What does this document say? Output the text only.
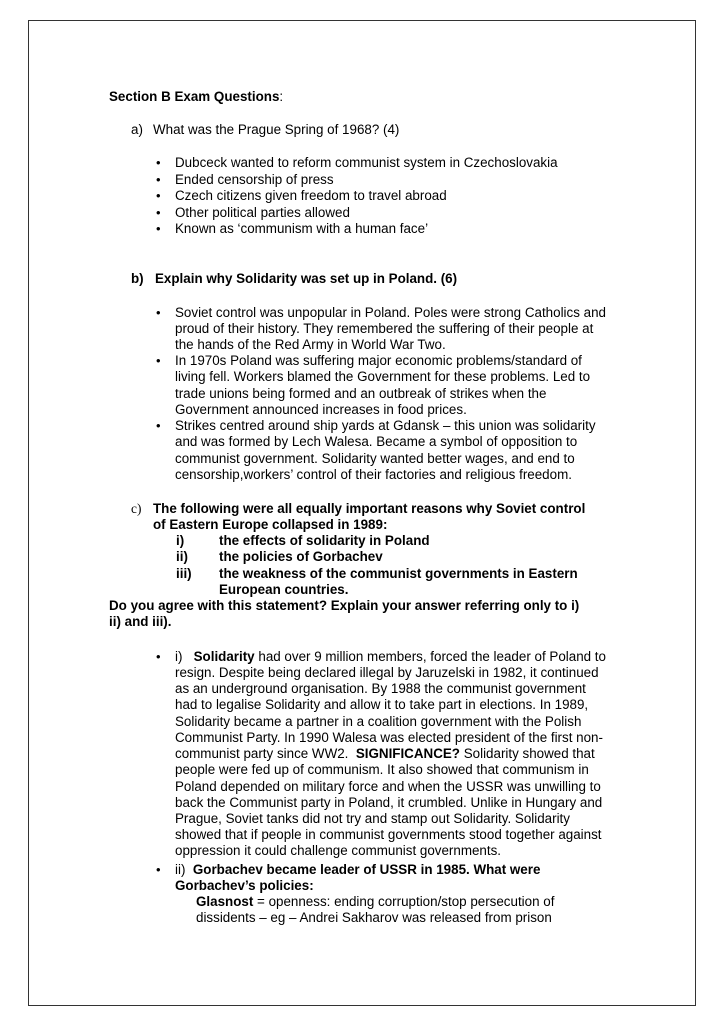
Section B Exam Questions:
a) What was the Prague Spring of 1968? (4)
• Dubceck wanted to reform communist system in Czechoslovakia
• Ended censorship of press
• Czech citizens given freedom to travel abroad
• Other political parties allowed
• Known as ‘communism with a human face’
b) Explain why Solidarity was set up in Poland. (6)
• Soviet control was unpopular in Poland. Poles were strong Catholics and
proud of their history. They remembered the suffering of their people at
the hands of the Red Army in World War Two.
• In 1970s Poland was suffering major economic problems/standard of
living fell. Workers blamed the Government for these problems. Led to
trade unions being formed and an outbreak of strikes when the
Government announced increases in food prices.
• Strikes centred around ship yards at Gdansk – this union was solidarity
and was formed by Lech Walesa. Became a symbol of opposition to
communist government. Solidarity wanted better wages, and end to
censorship,workers’ control of their factories and religious freedom.
c) The following were all equally important reasons why Soviet control
of Eastern Europe collapsed in 1989:
i)	the effects of solidarity in Poland
ii) the policies of Gorbachev
iii) the weakness of the communist governments in Eastern
European countries.
Do you agree with this statement? Explain your answer referring only to i)
ii) and iii).
• i) Solidarity had over 9 million members, forced the leader of Poland to
resign. Despite being declared illegal by Jaruzelski in 1982, it continued
as an underground organisation. By 1988 the communist government
had to legalise Solidarity and allow it to take part in elections. In 1989,
Solidarity became a partner in a coalition government with the Polish
Communist Party. In 1990 Walesa was elected president of the first non-
communist party since WW2. SIGNIFICANCE? Solidarity showed that
people were fed up of communism. It also showed that communism in
Poland depended on military force and when the USSR was unwilling to
back the Communist party in Poland, it crumbled. Unlike in Hungary and
Prague, Soviet tanks did not try and stamp out Solidarity. Solidarity
showed that if people in communist governments stood together against
oppression it could challenge communist governments.
• ii) Gorbachev became leader of USSR in 1985. What were
Gorbachev’s policies:
Glasnost = openness: ending corruption/stop persecution of
dissidents – eg – Andrei Sakharov was released from prison
